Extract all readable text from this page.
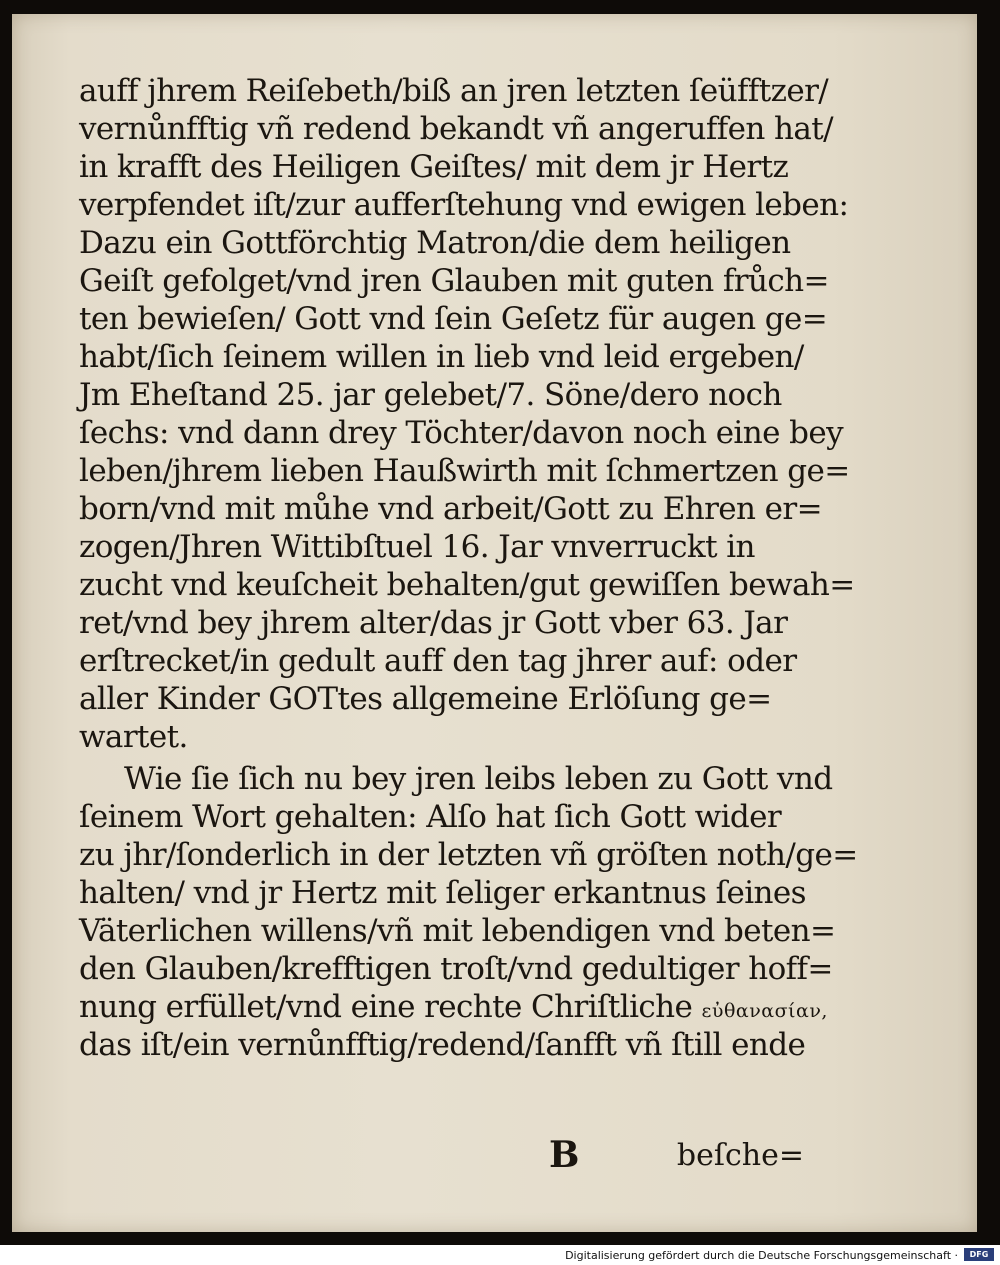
auff jhrem Reiſebeth/biß an jren letzten ſeüfftzer/
vernůnfftig vñ redend bekandt vñ angeruffen hat/
in krafft des Heiligen Geiſtes/ mit dem jr Hertz
verpfendet iſt/zur aufferſtehung vnd ewigen leben:
Dazu ein Gottförchtig Matron/die dem heiligen
Geiſt gefolget/vnd jren Glauben mit guten frůch=
ten bewieſen/ Gott vnd ſein Geſetz für augen ge=
habt/ſich ſeinem willen in lieb vnd leid ergeben/
Jm Eheſtand 25. jar gelebet/7. Söne/dero noch
ſechs: vnd dann drey Töchter/davon noch eine bey
leben/jhrem lieben Haußwirth mit ſchmertzen ge=
born/vnd mit můhe vnd arbeit/Gott zu Ehren er=
zogen/Jhren Wittibſtuel 16. Jar vnverruckt in
zucht vnd keuſcheit behalten/gut gewiſſen bewah=
ret/vnd bey jhrem alter/das jr Gott vber 63. Jar
erſtrecket/in gedult auff den tag jhrer auf: oder
aller Kinder GOTtes allgemeine Erlöſung ge=
wartet.
Wie ſie ſich nu bey jren leibs leben zu Gott vnd
ſeinem Wort gehalten: Alſo hat ſich Gott wider
zu jhr/ſonderlich in der letzten vñ gröſten noth/ge=
halten/ vnd jr Hertz mit ſeliger erkantnus ſeines
Väterlichen willens/vñ mit lebendigen vnd beten=
den Glauben/krefftigen troſt/vnd gedultiger hoff=
nung erfüllet/vnd eine rechte Chriſtliche εὐθανασίαν,
das iſt/ein vernůnfftig/redend/ſanfft vñ ſtill ende
B	beſche=
Digitalisierung gefördert durch die Deutsche Forschungsgemeinschaft ·	DFG
